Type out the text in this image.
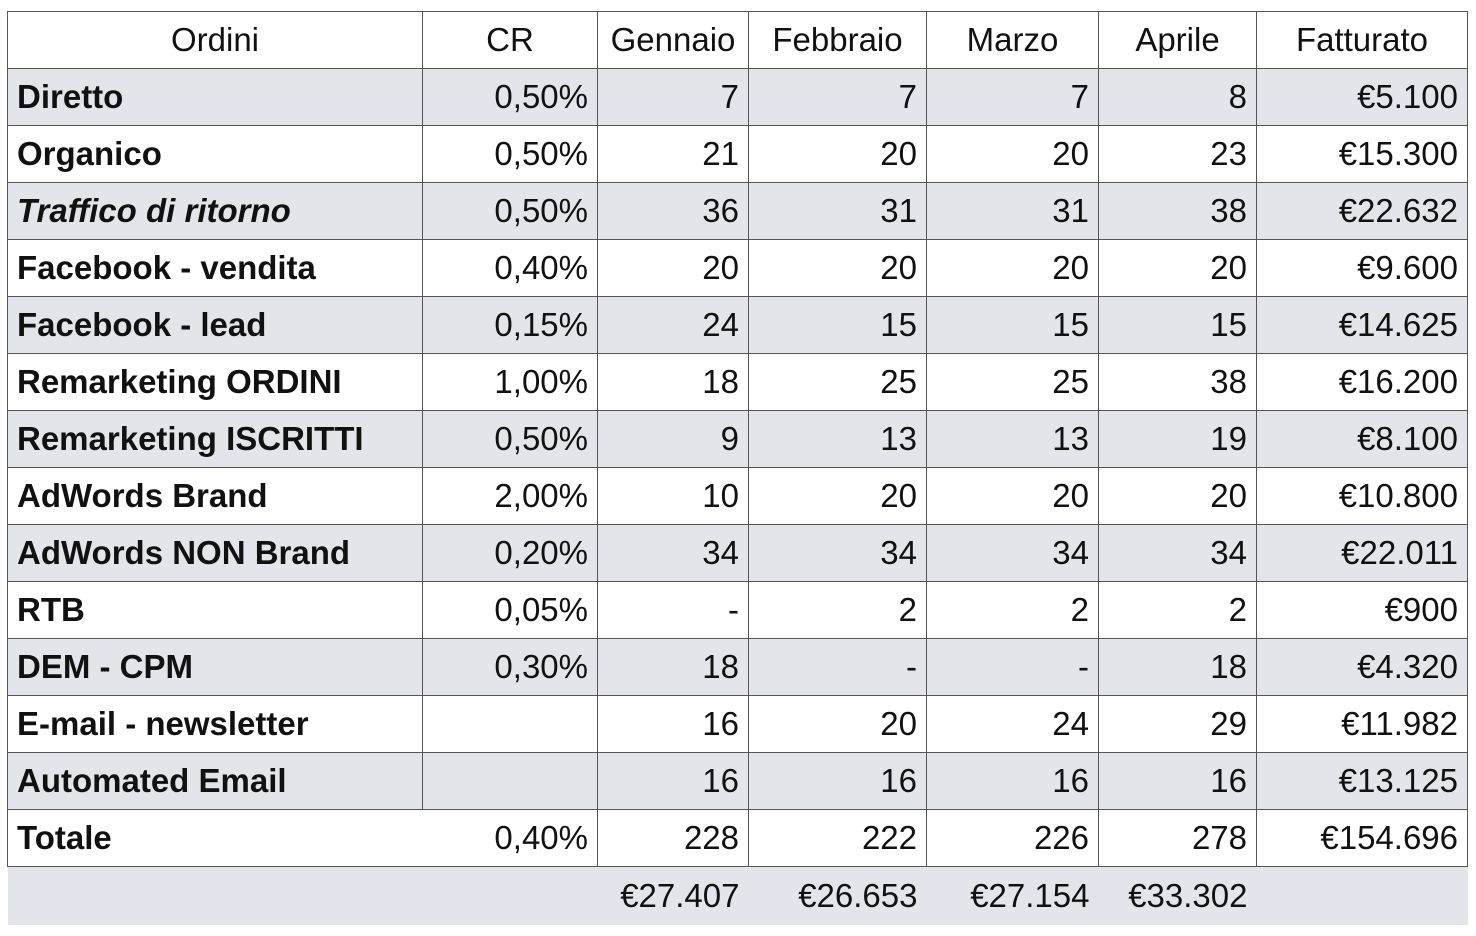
Ordini	CR	Gennaio	Febbraio	Marzo	Aprile	Fatturato
Diretto	0,50%	7	7	7	8	€5.100
Organico	0,50%	21	20	20	23	€15.300
Traffico di ritorno	0,50%	36	31	31	38	€22.632
Facebook - vendita	0,40%	20	20	20	20	€9.600
Facebook - lead	0,15%	24	15	15	15	€14.625
Remarketing ORDINI	1,00%	18	25	25	38	€16.200
Remarketing ISCRITTI	0,50%	9	13	13	19	€8.100
AdWords Brand	2,00%	10	20	20	20	€10.800
AdWords NON Brand	0,20%	34	34	34	34	€22.011
RTB	0,05%	-	2	2	2	€900
DEM - CPM	0,30%	18	-	-	18	€4.320
E-mail - newsletter		16	20	24	29	€11.982
Automated Email		16	16	16	16	€13.125
Totale	0,40%	228	222	226	278	€154.696
		€27.407	€26.653	€27.154	€33.302	
